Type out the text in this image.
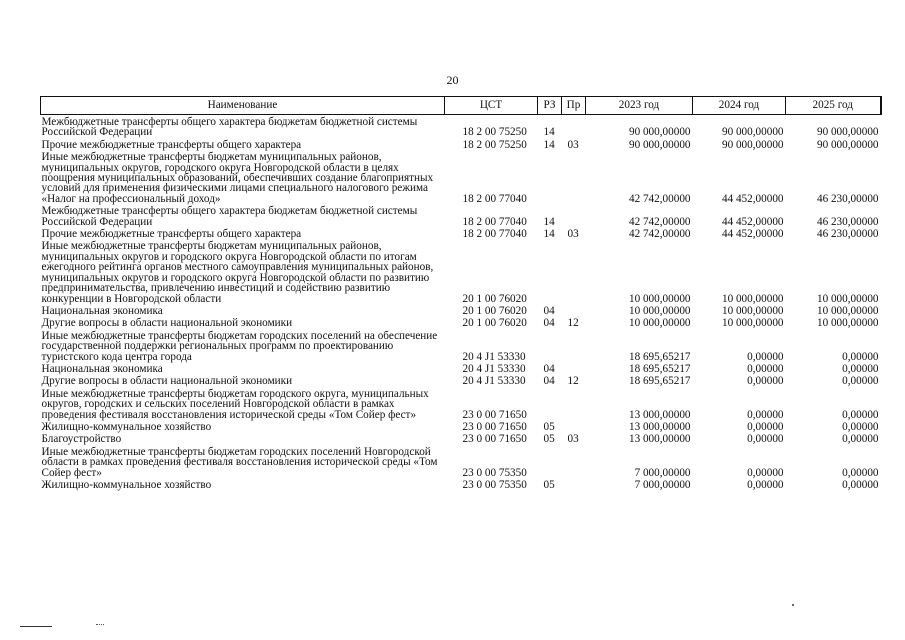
20
Наименование	ЦСТ	РЗ	Пр	2023 год	2024 год	2025 год
Межбюджетные трансферты общего характера бюджетам бюджетной системы Российской Федерации	18 2 00 75250	14		90 000,00000	90 000,00000	90 000,00000
Прочие межбюджетные трансферты общего характера	18 2 00 75250	14	03	90 000,00000	90 000,00000	90 000,00000
Иные межбюджетные трансферты бюджетам муниципальных районов, муниципальных округов, городского округа Новгородской области в целях поощрения муниципальных образований, обеспечивших создание благоприятных условий для применения физическими лицами специального налогового режима «Налог на профессиональный доход»	18 2 00 77040			42 742,00000	44 452,00000	46 230,00000
Межбюджетные трансферты общего характера бюджетам бюджетной системы Российской Федерации	18 2 00 77040	14		42 742,00000	44 452,00000	46 230,00000
Прочие межбюджетные трансферты общего характера	18 2 00 77040	14	03	42 742,00000	44 452,00000	46 230,00000
Иные межбюджетные трансферты бюджетам муниципальных районов, муниципальных округов и городского округа Новгородской области по итогам ежегодного рейтинга органов местного самоуправления муниципальных районов, муниципальных округов и городского округа Новгородской области по развитию предпринимательства, привлечению инвестиций и содействию развитию конкуренции в Новгородской области	20 1 00 76020			10 000,00000	10 000,00000	10 000,00000
Национальная экономика	20 1 00 76020	04		10 000,00000	10 000,00000	10 000,00000
Другие вопросы в области национальной экономики	20 1 00 76020	04	12	10 000,00000	10 000,00000	10 000,00000
Иные межбюджетные трансферты бюджетам городских поселений на обеспечение государственной поддержки региональных программ по проектированию туристского кода центра города	20 4 J1 53330			18 695,65217	0,00000	0,00000
Национальная экономика	20 4 J1 53330	04		18 695,65217	0,00000	0,00000
Другие вопросы в области национальной экономики	20 4 J1 53330	04	12	18 695,65217	0,00000	0,00000
Иные межбюджетные трансферты бюджетам городского округа, муниципальных округов, городских и сельских поселений Новгородской области в рамках проведения фестиваля восстановления исторической среды «Том Сойер фест»	23 0 00 71650			13 000,00000	0,00000	0,00000
Жилищно-коммунальное хозяйство	23 0 00 71650	05		13 000,00000	0,00000	0,00000
Благоустройство	23 0 00 71650	05	03	13 000,00000	0,00000	0,00000
Иные межбюджетные трансферты бюджетам городских поселений Новгородской области в рамках проведения фестиваля восстановления исторической среды «Том Сойер фест»	23 0 00 75350			7 000,00000	0,00000	0,00000
Жилищно-коммунальное хозяйство	23 0 00 75350	05		7 000,00000	0,00000	0,00000
